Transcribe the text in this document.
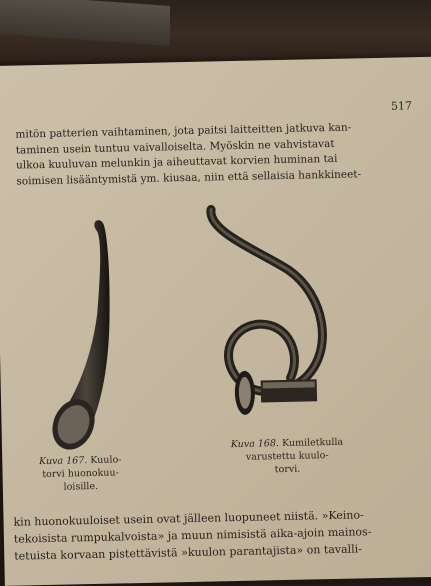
517
mitön patterien vaihtaminen, jota paitsi laitteitten jatkuva kan-
taminen usein tuntuu vaivalloiselta. Myöskin ne vahvistavat
ulkoa kuuluvan melunkin ja aiheuttavat korvien huminan tai
soimisen lisääntymistä ym. kiusaa, niin että sellaisia hankkineet-
Kuva 167. Kuulo-
torvi huonokuu-
loisille.
Kuva 168. Kumiletkulla
varustettu kuulo-
torvi.
kin huonokuuloiset usein ovat jälleen luopuneet niistä. »Keino-
tekoisista rumpukalvoista» ja muun nimisistä aika-ajoin mainos-
tetuista korvaan pistettävistä »kuulon parantajista» on tavalli-
